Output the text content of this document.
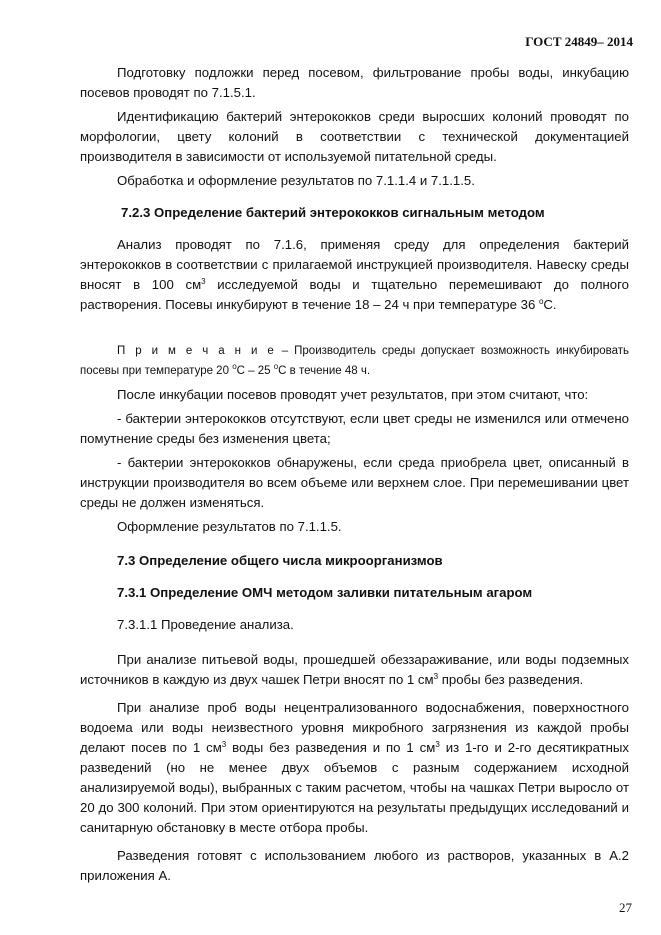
ГОСТ 24849– 2014

Подготовку подложки перед посевом, фильтрование пробы воды, инкубацию посевов проводят по 7.1.5.1.

Идентификацию бактерий энтерококков среди выросших колоний проводят по морфологии, цвету колоний в соответствии с технической документацией производителя в зависимости от используемой питательной среды.

Обработка и оформление результатов по 7.1.1.4 и 7.1.1.5.

7.2.3 Определение бактерий энтерококков сигнальным методом

Анализ проводят по 7.1.6, применяя среду для определения бактерий энтерококков в соответствии с прилагаемой инструкцией производителя. Навеску среды вносят в 100 $см^3$ исследуемой воды и тщательно перемешивают до полного растворения. Посевы инкубируют в течение 18 – 24 ч при температуре 36 $^о$С.

П р и м е ч а н и е – Производитель среды допускает возможность инкубировать посевы при температуре 20 $^о$С – 25 $^о$С в течение 48 ч.

После инкубации посевов проводят учет результатов, при этом считают, что:

- бактерии энтерококков отсутствуют, если цвет среды не изменился или отмечено помутнение среды без изменения цвета;

- бактерии энтерококков обнаружены, если среда приобрела цвет, описанный в инструкции производителя во всем объеме или верхнем слое. При перемешивании цвет среды не должен изменяться.

Оформление результатов по 7.1.1.5.

7.3 Определение общего числа микроорганизмов

7.3.1 Определение ОМЧ методом заливки питательным агаром

7.3.1.1 Проведение анализа.

При анализе питьевой воды, прошедшей обеззараживание, или воды подземных источников в каждую из двух чашек Петри вносят по 1 $см^3$ пробы без разведения.

При анализе проб воды нецентрализованного водоснабжения, поверхностного водоема или воды неизвестного уровня микробного загрязнения из каждой пробы делают посев по 1 $см^3$ воды без разведения и по 1 $см^3$ из 1-го и 2-го десятикратных разведений (но не менее двух объемов с разным содержанием исходной анализируемой воды), выбранных с таким расчетом, чтобы на чашках Петри выросло от 20 до 300 колоний. При этом ориентируются на результаты предыдущих исследований и санитарную обстановку в месте отбора пробы.

Разведения готовят с использованием любого из растворов, указанных в А.2 приложения А.

27
